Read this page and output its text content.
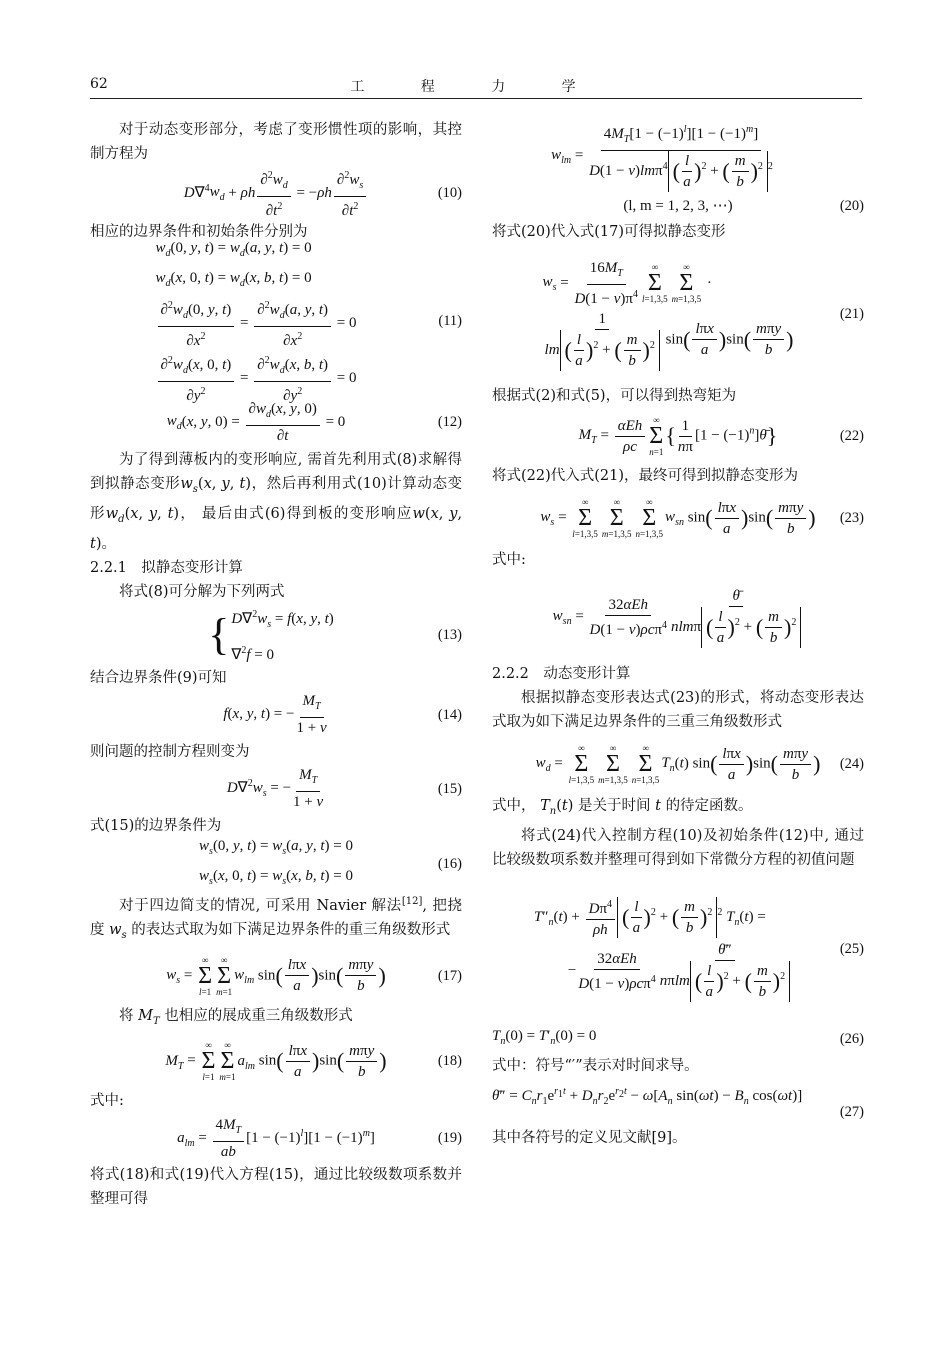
62	工 程 力 学

对于动态变形部分，考虑了变形惯性项的影响，其控制方程为

$D\nabla^4w_d + \rho h \frac{\partial^2w_d}{\partial t^2} = -\rho h \frac{\partial^2w_s}{\partial t^2}$	(10)

相应的边界条件和初始条件分别为

$w_d(0$, y, $t) = w_d(a$, y, t) = 0
$w_d(x$, 0, $t) = w_d(x$, b, t) = 0
$\frac{\partial^2w_d(0, y, t)}{\partial x^2} = \frac{\partial^2w_d(a, y, t)}{\partial x^2} = 0$
$\frac{\partial^2w_d(x, 0, t)}{\partial y^2} = \frac{\partial^2w_d(x, b, t)}{\partial y^2} = 0$
(11)
$w_d(x$, y, $0) = \frac{\partial w_d(x, y, 0)}{\partial t} = 0$	(12)

为了得到薄板内的变形响应, 需首先利用式(8)求解得到拟静态变形$w_s(x$, y, t)，然后再利用式(10)计算动态变形$w_d(x$, y, t)， 最后由式(6)得到板的变形响应w(x, y, t)。

2.2.1　拟静态变形计算

将式(8)可分解为下列两式

{ $D\nabla^2w_s = f(x$, y, t)
∇$^2$f = 0
(13)

结合边界条件(9)可知

f(x, y, t) = − $\frac{M_T}{1 + \nu}$	(14)

则问题的控制方程则变为

$D\nabla^2w_s$ = − $\frac{M_T}{1 + \nu}$	(15)

式(15)的边界条件为

$w_s(0$, y, $t) = w_s(a$, y, t) = 0
$w_s(x$, 0, $t) = w_s(x$, b, t) = 0
(16)

对于四边简支的情况, 可采用 Navier 解法[12], 把挠度 $w_s$ 的表达式取为如下满足边界条件的重三角级数形式

$w_s$ =
∞
Σ
l=1
∞
Σ
m=1
$w_{lm}$ $\sin( \frac{\text{lπx}}{a} )\sin( \frac{\text{mπy}}{b}$ )	(17)

将 $M_T$ 也相应的展成重三角级数形式

$M_T$ =
∞
Σ
l=1
∞
Σ
m=1
$a_{lm}$ $\sin( \frac{\text{lπx}}{a} )\sin( \frac{\text{mπy}}{b}$ )	(18)

式中:

$a_{lm} = \frac{4M_T}{ab} [1 - (-1)^l][1 - (-1)^m]$	(19)

将式(18)和式(19)代入方程(15)，通过比较级数项系数并整理可得

$w_{lm} = \frac{4M_T[1 - (-1)^l][1 - (-1)^m]}{D(1 - \nu)lm\pi^4 ( \frac{l}{a} )^2 + ( \frac{m}{b} )^2 ^2}$
(l, m = 1, 2, 3, ⋯)	(20)

将式(20)代入式(17)可得拟静态变形

$w_s = \frac{16M_T}{D(1 - \nu)\pi^4}$ ∞
Σ
l=1,3,5
∞
Σ
m=1,3,5
·
$\frac{1}{lm ( \frac{l}{a} )^2 + ( \frac{m}{b} )^2} \sin( \frac{\text{lπx}}{a} )\sin( \frac{\text{mπy}}{b}$ )
(21)

根据式(2)和式(5)，可以得到热弯矩为

$M_T = \frac{\text{αEh}}{\rho c}$ ∞
Σ
n=1
{ $\frac{1}{n\pi} [1$ − $(-1)^n]\thetā$}	(22)

将式(22)代入式(21)，最终可得到拟静态变形为

$w_s$ =
∞
Σ
l=1,3,5
∞
Σ
m=1,3,5
∞
Σ
n=1,3,5
$w_{sn}$ $\sin( \frac{\text{lπx}}{a} )\sin( \frac{\text{mπy}}{b}$ ) (23)

式中:

$w_{sn} = \frac{\text{32αEh}}{D(1 - \nu)\rho c\pi^4} \frac{\thetā}{nlm\pi ( \frac{l}{a} )^2 + ( \frac{m}{b} )^2}$

2.2.2　动态变形计算

根据拟静态变形表达式(23)的形式，将动态变形表达式取为如下满足边界条件的三重三角级数形式

$w_d$ =
∞
Σ
l=1,3,5
∞
Σ
m=1,3,5
∞
Σ
n=1,3,5
$T_n(t)$ $\sin( \frac{\text{lπx}}{a} )\sin( \frac{\text{mπy}}{b}$ ) (24)

式中， $T_n(t)$ 是关于时间 t 的待定函数。

将式(24)代入控制方程(10)及初始条件(12)中, 通过比较级数项系数并整理可得到如下常微分方程的初值问题

$T''_n(t) + \frac{D\pi^4}{\rho h}$ ( $\frac{l}{a} )^2$ + ( $\frac{m}{b} )^2$ $^2$ $T_n(t)$ =
− $\frac{\text{32αEh}}{D(1 - \nu)\rho c\pi^4} \frac{\thetā''}{n\pi lm ( \frac{l}{a} )^2 + ( \frac{m}{b} )^2}$	(25)
$T_n(0) = T'_n(0) = 0$	(26)

式中：符号“′”表示对时间求导。

θ̄″ = $C_nr_1e^{r_1t} + D_nr_2e^{r_2t} - \omega[A_n$ $\sin(\omega t) - B_n$ cos(ωt)]
(27)

其中各符号的定义见文献[9]。
